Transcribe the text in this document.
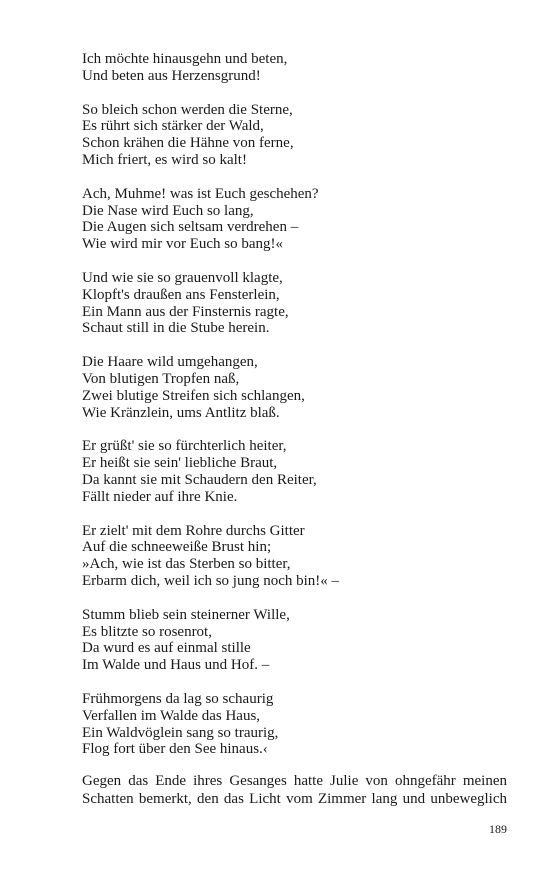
Ich möchte hinausgehn und beten,
Und beten aus Herzensgrund!
So bleich schon werden die Sterne,
Es rührt sich stärker der Wald,
Schon krähen die Hähne von ferne,
Mich friert, es wird so kalt!
Ach, Muhme! was ist Euch geschehen?
Die Nase wird Euch so lang,
Die Augen sich seltsam verdrehen –
Wie wird mir vor Euch so bang!«
Und wie sie so grauenvoll klagte,
Klopft's draußen ans Fensterlein,
Ein Mann aus der Finsternis ragte,
Schaut still in die Stube herein.
Die Haare wild umgehangen,
Von blutigen Tropfen naß,
Zwei blutige Streifen sich schlangen,
Wie Kränzlein, ums Antlitz blaß.
Er grüßt' sie so fürchterlich heiter,
Er heißt sie sein' liebliche Braut,
Da kannt sie mit Schaudern den Reiter,
Fällt nieder auf ihre Knie.
Er zielt' mit dem Rohre durchs Gitter
Auf die schneeweiße Brust hin;
»Ach, wie ist das Sterben so bitter,
Erbarm dich, weil ich so jung noch bin!« –
Stumm blieb sein steinerner Wille,
Es blitzte so rosenrot,
Da wurd es auf einmal stille
Im Walde und Haus und Hof. –
Frühmorgens da lag so schaurig
Verfallen im Walde das Haus,
Ein Waldvöglein sang so traurig,
Flog fort über den See hinaus.‹
Gegen das Ende ihres Gesanges hatte Julie von ohngefähr meinen
Schatten bemerkt, den das Licht vom Zimmer lang und unbeweglich
189
